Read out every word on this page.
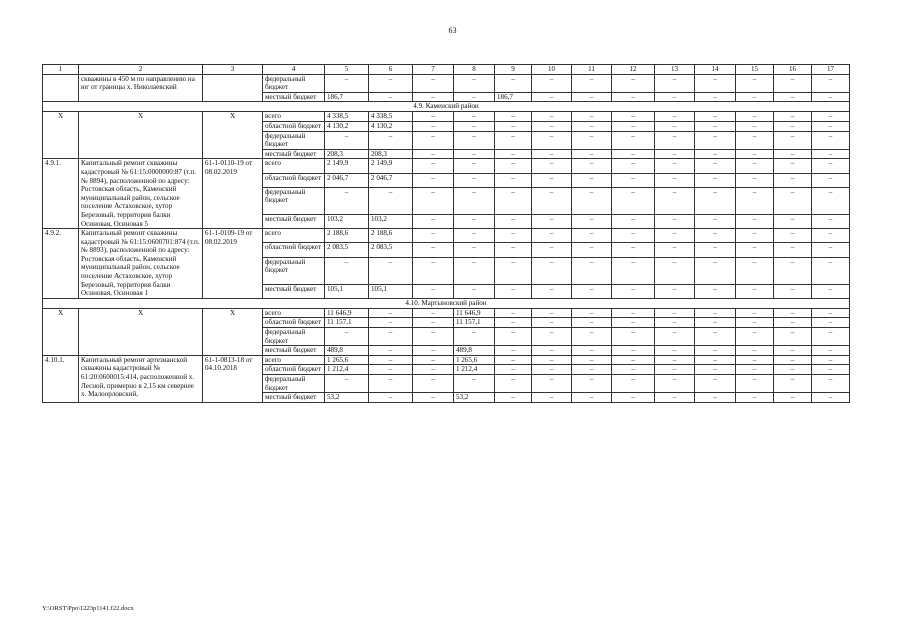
63
1	2	3	4	5	6	7	8	9	10	11	12	13	14	15	16	17
	скважины в 450 м по направлению на юг от границы х. Николаевский		федеральный бюджет	–	–	–	–	–	–	–	–	–	–	–	–	–
			местный бюджет	186,7	–	–	–	186,7	–	–	–	–	–	–	–	–
4.9. Каменский район																
Х	Х	Х	всего	4 338,5	4 338,5	–	–	–	–	–	–	–	–	–	–	–
			областной бюджет	4 130,2	4 130,2	–	–	–	–	–	–	–	–	–	–	–
			федеральный бюджет	–	–	–	–	–	–	–	–	–	–	–	–	–
			местный бюджет	208,3	208,3	–	–	–	–	–	–	–	–	–	–	–
4.9.1.	Капитальный ремонт скважины кадастровый № 61:15:0000000:87 (т.п. № 8894), расположенной по адресу: Ростовская область, Каменский муниципальный район, сельское поселение Астаховское, хутор Березовый, территория балки Осиновая, Осиновая 5	61-1-0110-19 от 08.02.2019	всего	2 149,9	2 149,9	–	–	–	–	–	–	–	–	–	–	–
			областной бюджет	2 046,7	2 046,7	–	–	–	–	–	–	–	–	–	–	–
			федеральный бюджет	–	–	–	–	–	–	–	–	–	–	–	–	–
			местный бюджет	103,2	103,2	–	–	–	–	–	–	–	–	–	–	–
4.9.2.	Капитальный ремонт скважины кадастровый № 61:15:0600701:874 (т.п. № 8893), расположенной по адресу: Ростовская область, Каменский муниципальный район, сельское поселение Астаховское, хутор Березовый, территория балки Осиновая, Осиновая 1	61-1-0109-19 от 08.02.2019	всего	2 188,6	2 188,6	–	–	–	–	–	–	–	–	–	–	–
			областной бюджет	2 083,5	2 083,5	–	–	–	–	–	–	–	–	–	–	–
			федеральный бюджет	–	–	–	–	–	–	–	–	–	–	–	–	–
			местный бюджет	105,1	105,1	–	–	–	–	–	–	–	–	–	–	–
4.10. Мартыновский район																
Х	Х	Х	всего	11 646,9	–	–	11 646,9	–	–	–	–	–	–	–	–	–
			областной бюджет	11 157,1	–	–	11 157,1	–	–	–	–	–	–	–	–	–
			федеральный бюджет	–	–	–	–	–	–	–	–	–	–	–	–	–
			местный бюджет	489,8	–	–	489,8	–	–	–	–	–	–	–	–	–
4.10.1.	Капитальный ремонт артезианской скважины кадастровый № 61:20:0600015:414, расположенной х. Лесной, примерно в 2,15 км севернее х. Малоорловский,	61-1-0813-18 от 04.10.2018	всего	1 265,6	–	–	1 265,6	–	–	–	–	–	–	–	–	–
			областной бюджет	1 212,4	–	–	1 212,4	–	–	–	–	–	–	–	–	–
			федеральный бюджет	–	–	–	–	–	–	–	–	–	–	–	–	–
			местный бюджет	53,2	–	–	53,2	–	–	–	–	–	–	–	–	–
Y:\ORST\Ppo\1223p1141.f22.docx
